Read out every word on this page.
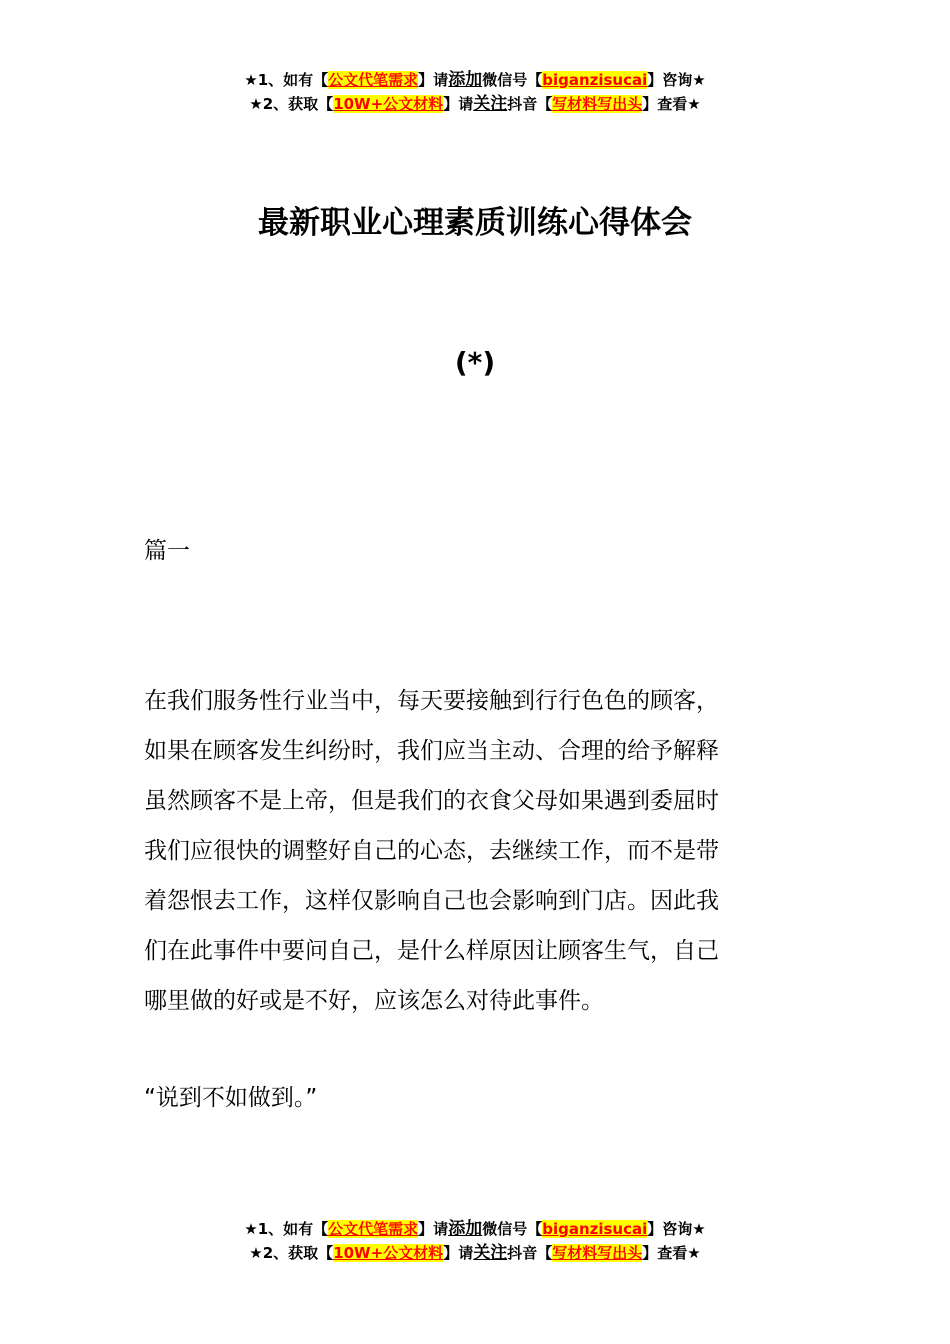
★1、如有【公文代笔需求】请添加微信号【biganzisucai】咨询★
★2、获取【10W+公文材料】请关注抖音【写材料写出头】查看★
最新职业心理素质训练心得体会
(*)
篇一
在我们服务性行业当中，每天要接触到行行色色的顾客，
如果在顾客发生纠纷时，我们应当主动、合理的给予解释
虽然顾客不是上帝，但是我们的衣食父母如果遇到委屈时
我们应很快的调整好自己的心态，去继续工作，而不是带
着怨恨去工作，这样仅影响自己也会影响到门店。因此我
们在此事件中要问自己，是什么样原因让顾客生气，自己
哪里做的好或是不好，应该怎么对待此事件。
“说到不如做到。”
★1、如有【公文代笔需求】请添加微信号【biganzisucai】咨询★
★2、获取【10W+公文材料】请关注抖音【写材料写出头】查看★
